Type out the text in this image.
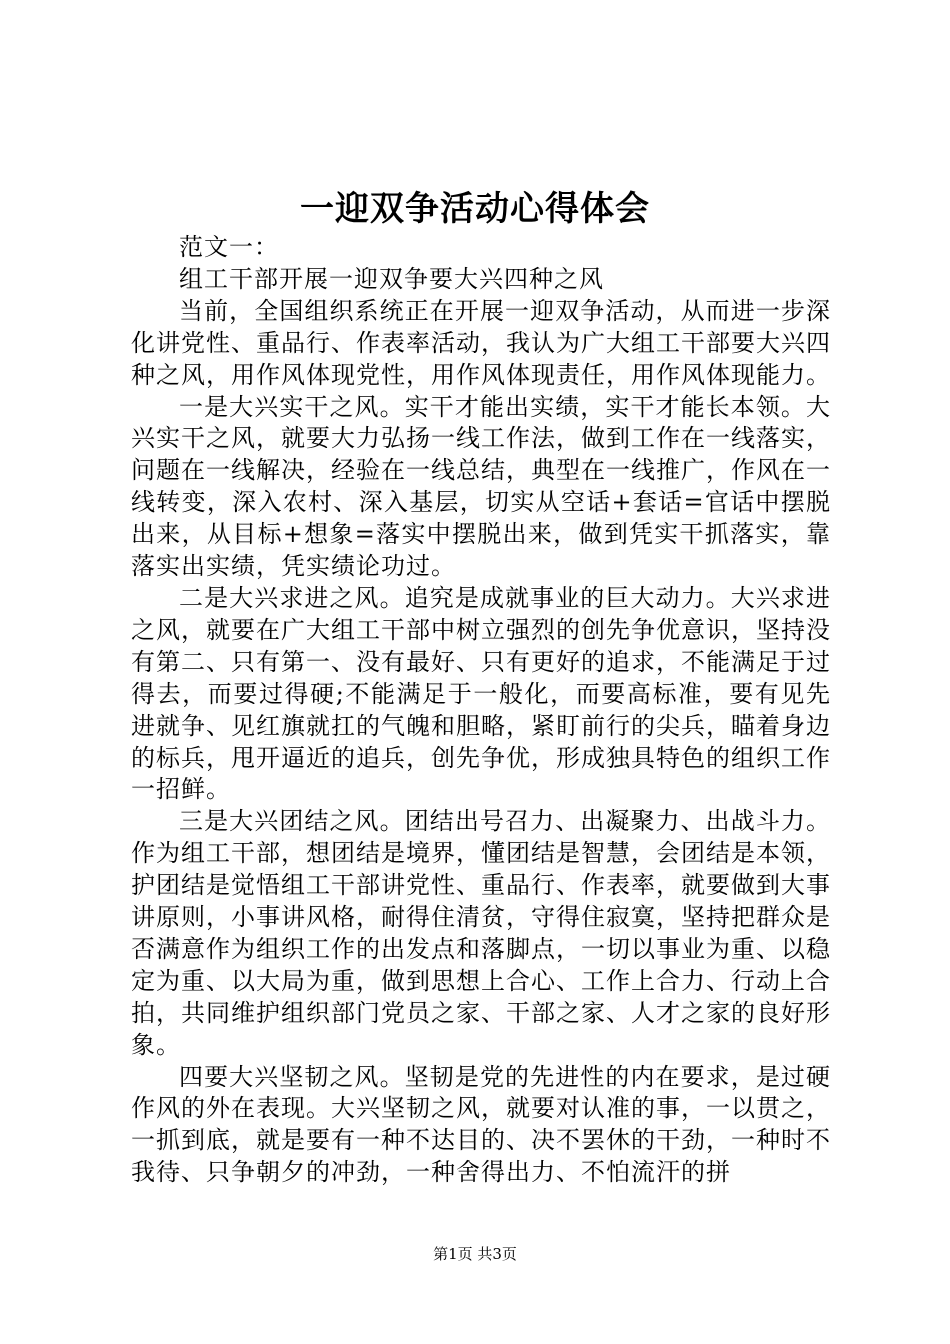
一迎双争活动心得体会

范文一：

组工干部开展一迎双争要大兴四种之风

当前，全国组织系统正在开展一迎双争活动，从而进一步深化讲党性、重品行、作表率活动，我认为广大组工干部要大兴四种之风，用作风体现党性，用作风体现责任，用作风体现能力。

一是大兴实干之风。实干才能出实绩，实干才能长本领。大兴实干之风，就要大力弘扬一线工作法，做到工作在一线落实，问题在一线解决，经验在一线总结，典型在一线推广，作风在一线转变，深入农村、深入基层，切实从空话+套话=官话中摆脱出来，从目标+想象=落实中摆脱出来，做到凭实干抓落实，靠落实出实绩，凭实绩论功过。

二是大兴求进之风。追究是成就事业的巨大动力。大兴求进之风，就要在广大组工干部中树立强烈的创先争优意识，坚持没有第二、只有第一、没有最好、只有更好的追求，不能满足于过得去，而要过得硬;不能满足于一般化，而要高标准，要有见先进就争、见红旗就扛的气魄和胆略，紧盯前行的尖兵，瞄着身边的标兵，甩开逼近的追兵，创先争优，形成独具特色的组织工作一招鲜。

三是大兴团结之风。团结出号召力、出凝聚力、出战斗力。作为组工干部，想团结是境界，懂团结是智慧，会团结是本领，护团结是觉悟组工干部讲党性、重品行、作表率，就要做到大事讲原则，小事讲风格，耐得住清贫，守得住寂寞，坚持把群众是否满意作为组织工作的出发点和落脚点，一切以事业为重、以稳定为重、以大局为重，做到思想上合心、工作上合力、行动上合拍，共同维护组织部门党员之家、干部之家、人才之家的良好形象。

四要大兴坚韧之风。坚韧是党的先进性的内在要求，是过硬作风的外在表现。大兴坚韧之风，就要对认准的事，一以贯之，一抓到底，就是要有一种不达目的、决不罢休的干劲，一种时不我待、只争朝夕的冲劲，一种舍得出力、不怕流汗的拼

第1页 共3页
